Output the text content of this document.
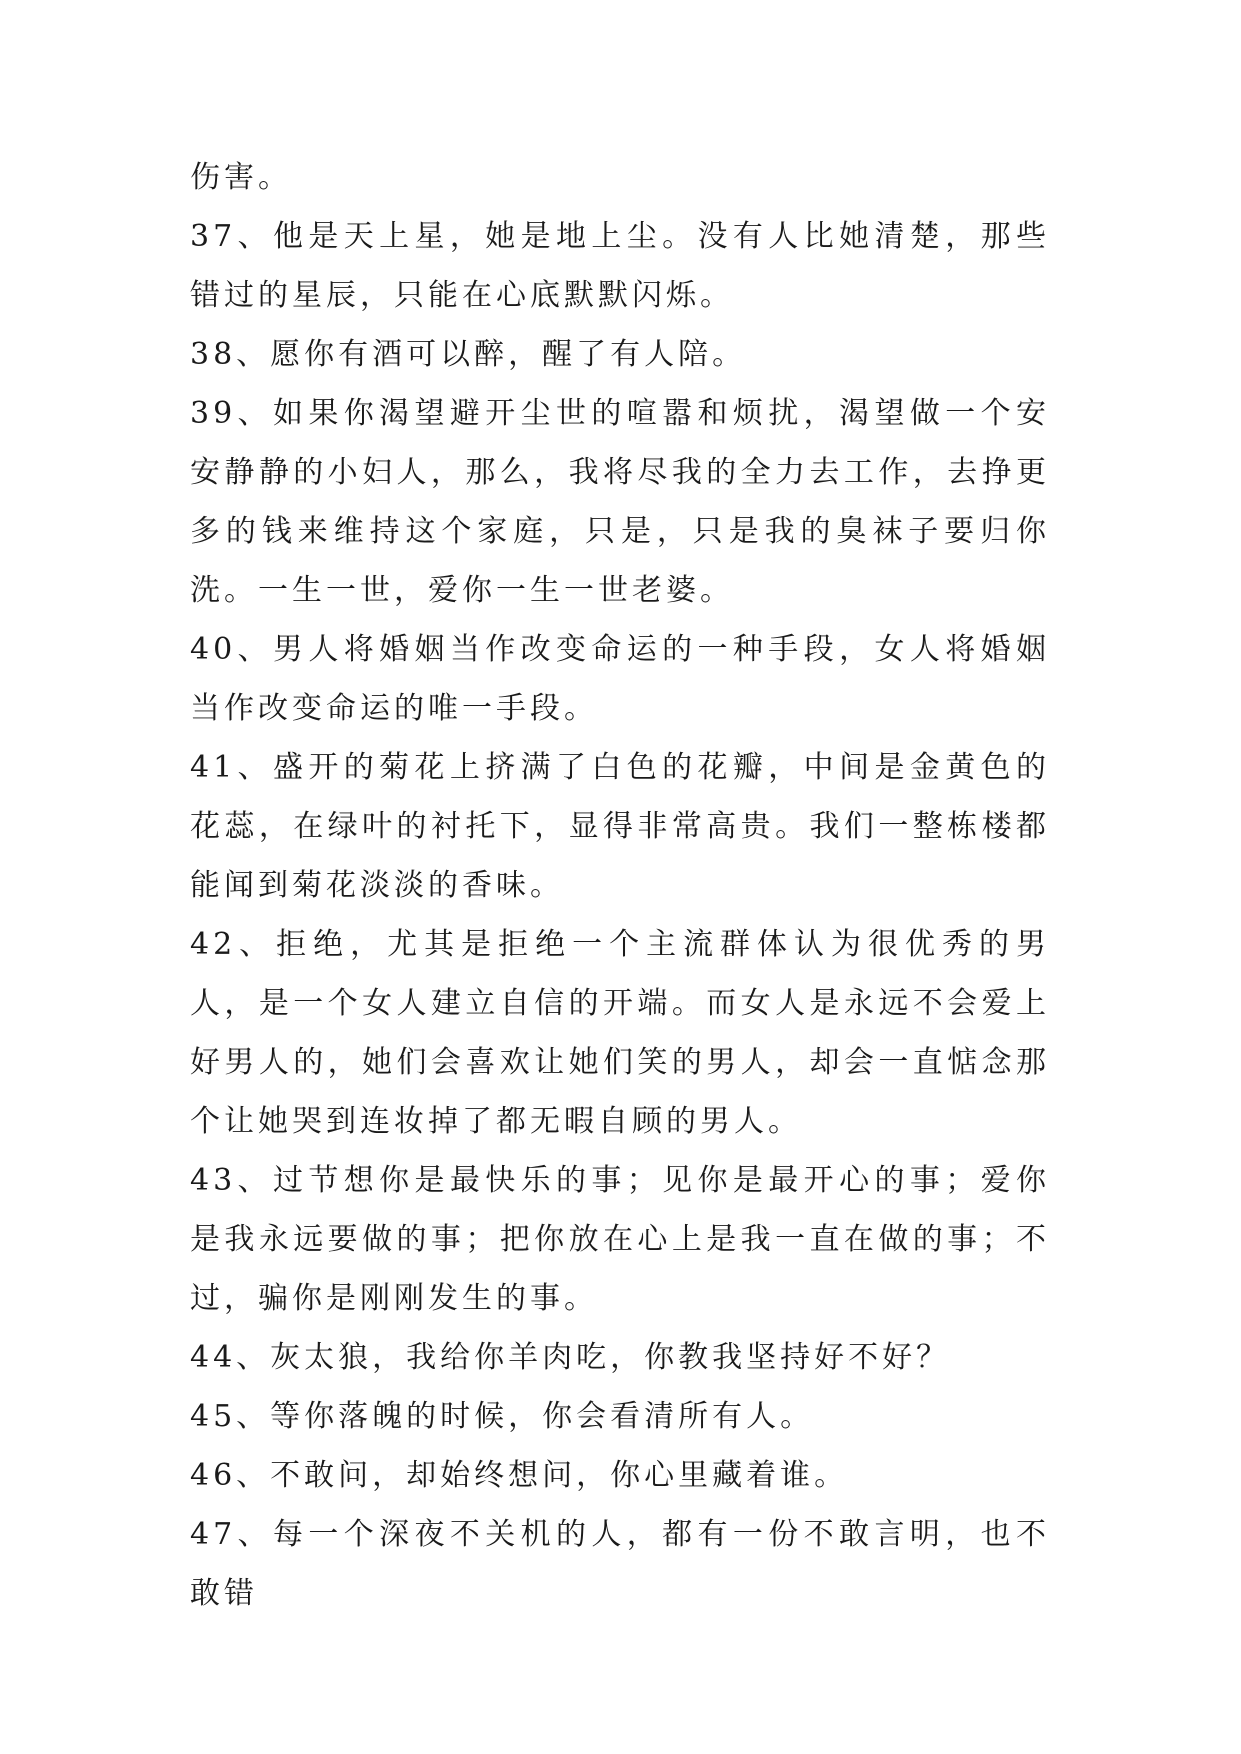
伤害。

37、他是天上星，她是地上尘。没有人比她清楚，那些错过的星辰，只能在心底默默闪烁。

38、愿你有酒可以醉，醒了有人陪。

39、如果你渴望避开尘世的喧嚣和烦扰，渴望做一个安安静静的小妇人，那么，我将尽我的全力去工作，去挣更多的钱来维持这个家庭，只是，只是我的臭袜子要归你洗。一生一世，爱你一生一世老婆。

40、男人将婚姻当作改变命运的一种手段，女人将婚姻当作改变命运的唯一手段。

41、盛开的菊花上挤满了白色的花瓣，中间是金黄色的花蕊，在绿叶的衬托下，显得非常高贵。我们一整栋楼都能闻到菊花淡淡的香味。

42、拒绝，尤其是拒绝一个主流群体认为很优秀的男人，是一个女人建立自信的开端。而女人是永远不会爱上好男人的，她们会喜欢让她们笑的男人，却会一直惦念那个让她哭到连妆掉了都无暇自顾的男人。

43、过节想你是最快乐的事；见你是最开心的事；爱你是我永远要做的事；把你放在心上是我一直在做的事；不过，骗你是刚刚发生的事。

44、灰太狼，我给你羊肉吃，你教我坚持好不好？

45、等你落魄的时候，你会看清所有人。

46、不敢问，却始终想问，你心里藏着谁。

47、每一个深夜不关机的人，都有一份不敢言明，也不敢错
